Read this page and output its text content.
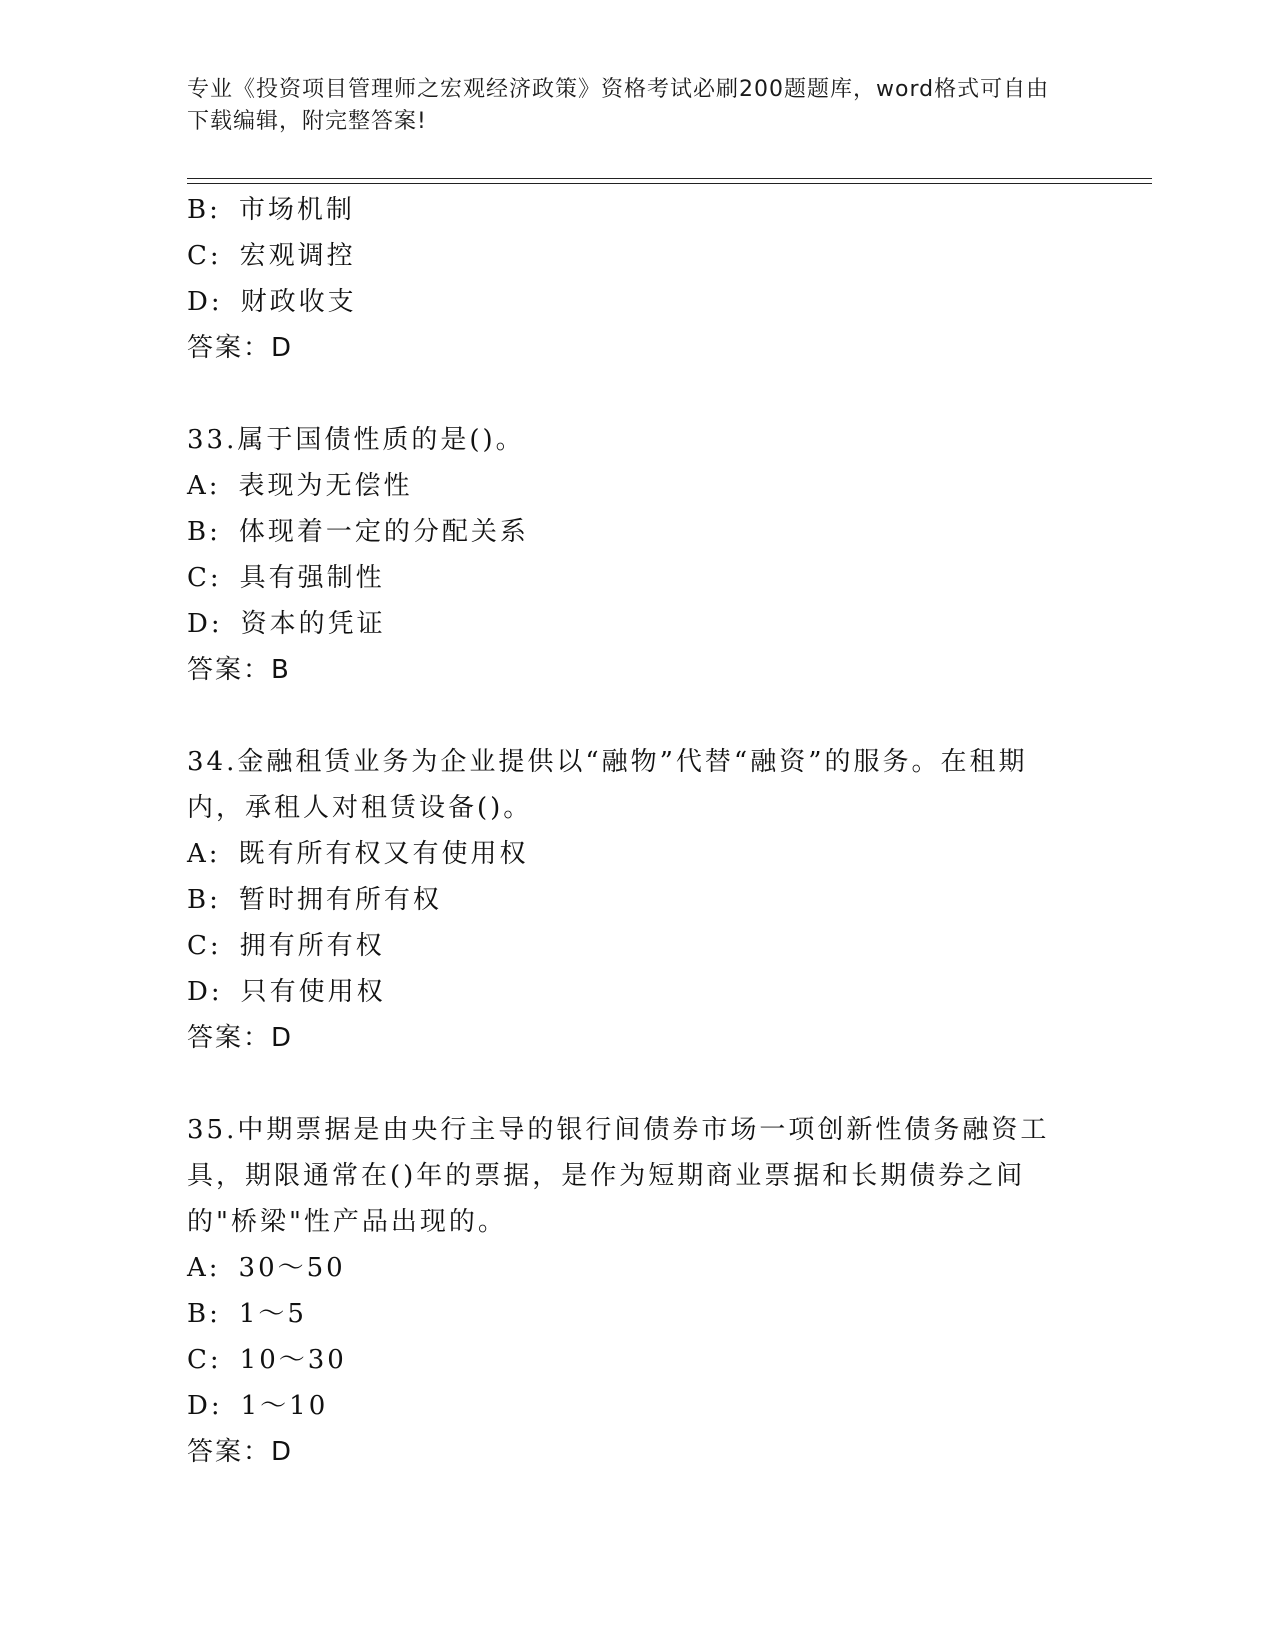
专业《投资项目管理师之宏观经济政策》资格考试必刷200题题库，word格式可自由下载编辑，附完整答案!
B: 市场机制
C: 宏观调控
D: 财政收支
答案：D
33.属于国债性质的是()。
A: 表现为无偿性
B: 体现着一定的分配关系
C: 具有强制性
D: 资本的凭证
答案：B
34.金融租赁业务为企业提供以“融物”代替“融资”的服务。在租期内，承租人对租赁设备()。
A: 既有所有权又有使用权
B: 暂时拥有所有权
C: 拥有所有权
D: 只有使用权
答案：D
35.中期票据是由央行主导的银行间债券市场一项创新性债务融资工具，期限通常在()年的票据，是作为短期商业票据和长期债券之间的"桥梁"性产品出现的。
A: 30～50
B: 1～5
C: 10～30
D: 1～10
答案：D
